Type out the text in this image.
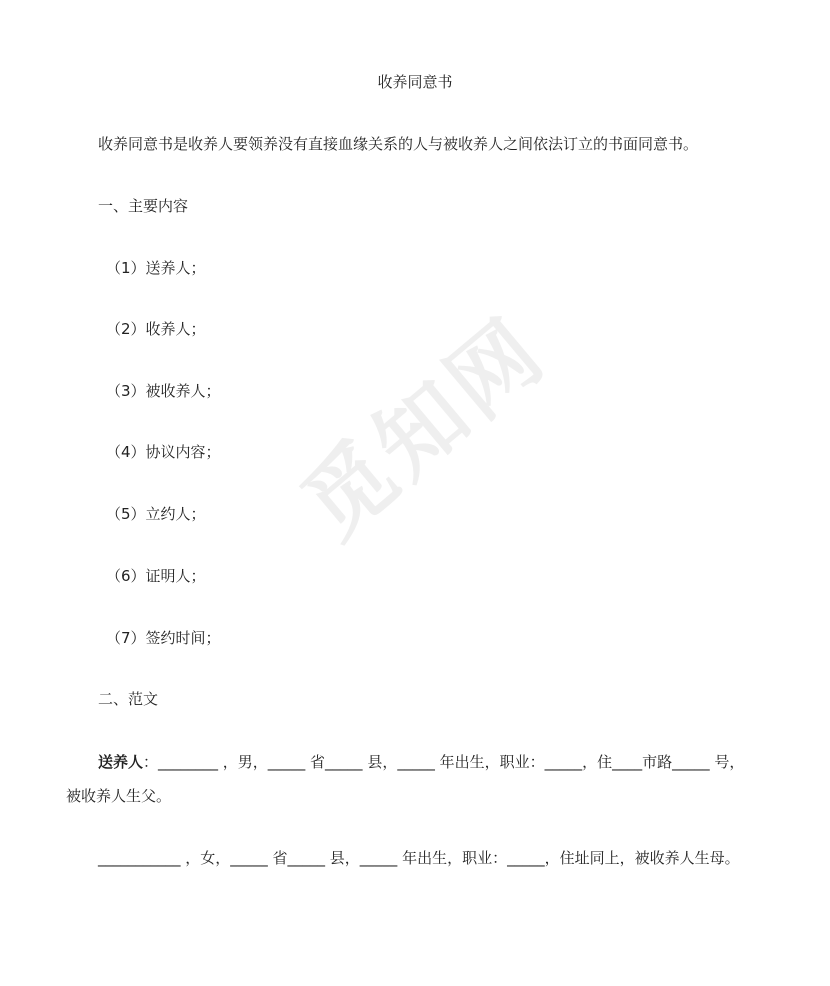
觅知网
收养同意书
收养同意书是收养人要领养没有直接血缘关系的人与被收养人之间依法订立的书面同意书。
一、主要内容
（1）送养人；
（2）收养人；
（3）被收养人；
（4）协议内容；
（5）立约人；
（6）证明人；
（7）签约时间；
二、范文
送养人：________ ，男，_____ 省_____ 县，_____ 年出生，职业：_____，住____市路_____ 号，
被收养人生父。
___________ ，女，_____ 省_____ 县，_____ 年出生，职业：_____，住址同上，被收养人生母。
